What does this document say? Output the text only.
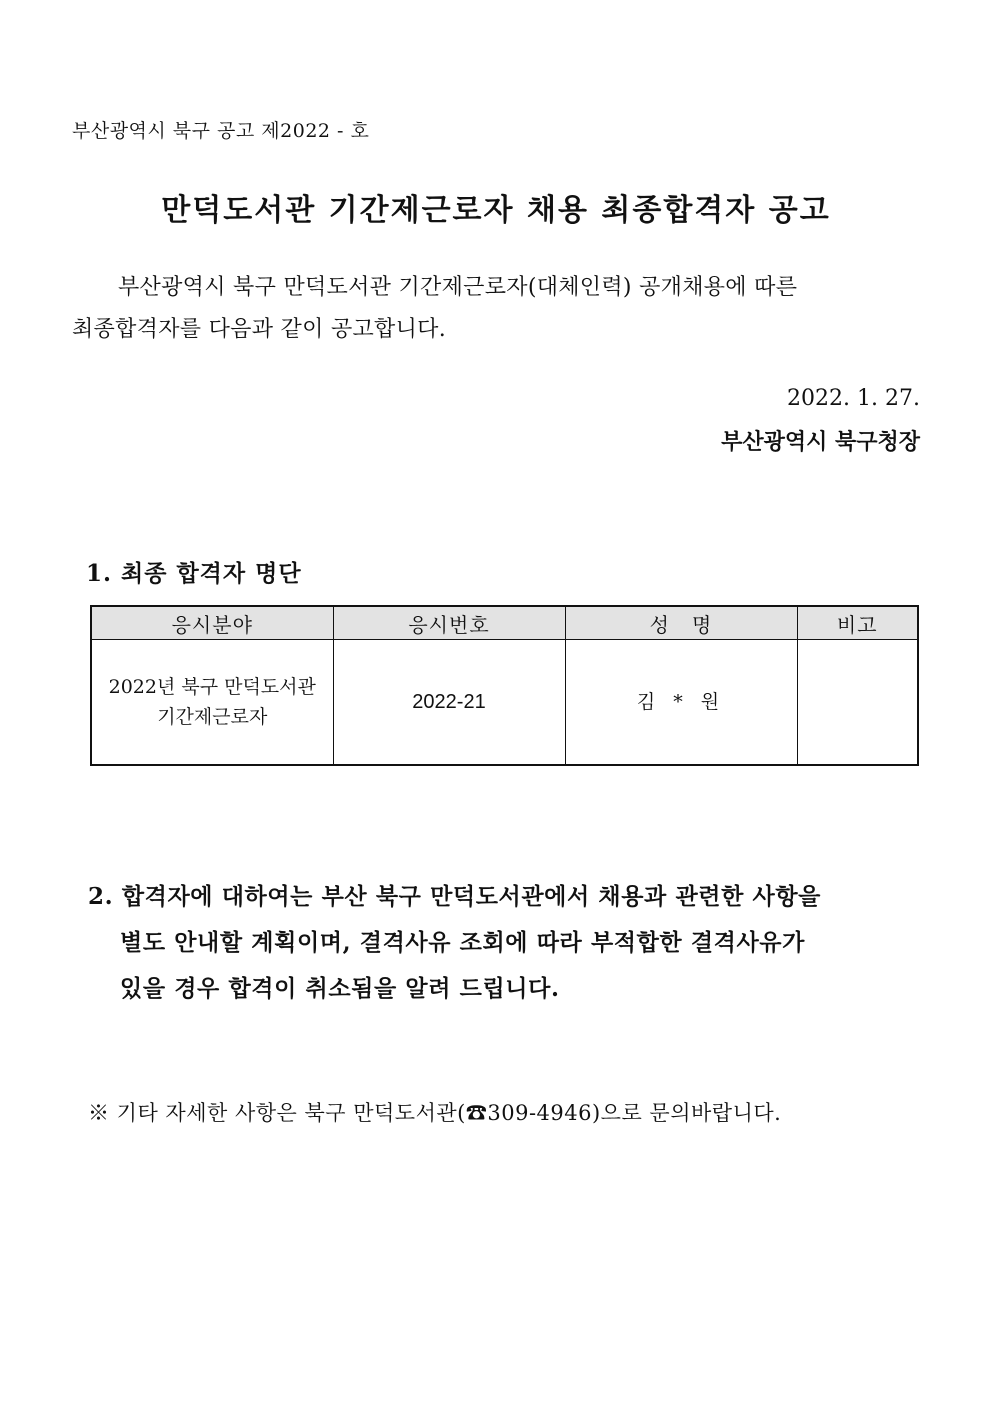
부산광역시 북구 공고 제2022 - 호
만덕도서관 기간제근로자 채용 최종합격자 공고
부산광역시 북구 만덕도서관 기간제근로자(대체인력) 공개채용에 따른
최종합격자를 다음과 같이 공고합니다.
2022. 1. 27.
부산광역시 북구청장
1. 최종 합격자 명단
응시분야	응시번호	성   명	비고

2022년 북구 만덕도서관
기간제근로자	2022-21	김 * 원	
2. 합격자에 대하여는 부산 북구 만덕도서관에서 채용과 관련한 사항을
별도 안내할 계획이며, 결격사유 조회에 따라 부적합한 결격사유가
있을 경우 합격이 취소됨을 알려 드립니다.
※ 기타 자세한 사항은 북구 만덕도서관(☎309-4946)으로 문의바랍니다.
